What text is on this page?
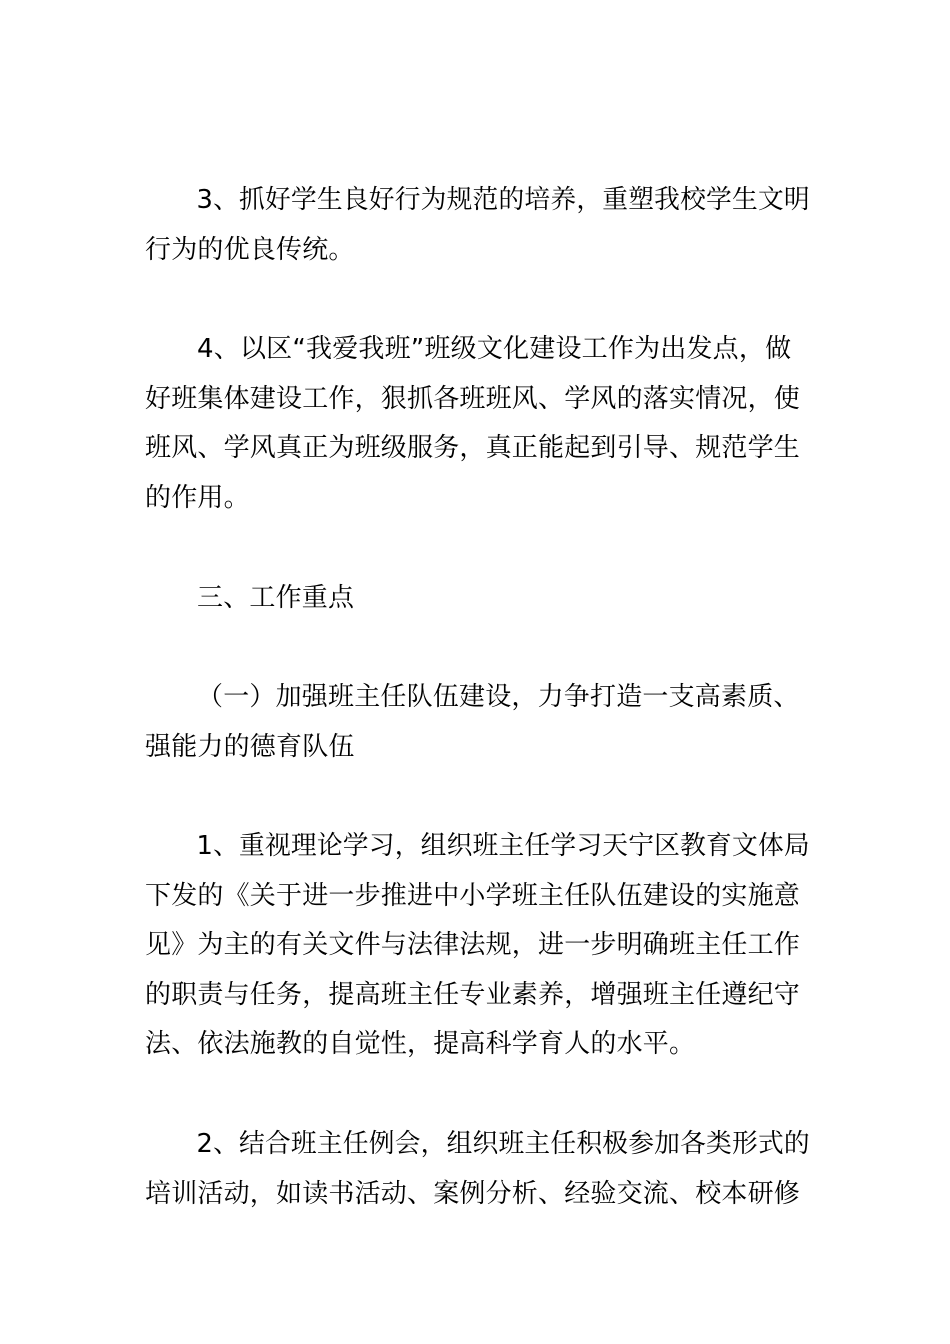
3、抓好学生良好行为规范的培养，重塑我校学生文明
行为的优良传统。

4、以区“我爱我班”班级文化建设工作为出发点，做
好班集体建设工作，狠抓各班班风、学风的落实情况，使
班风、学风真正为班级服务，真正能起到引导、规范学生
的作用。

三、工作重点

（一）加强班主任队伍建设，力争打造一支高素质、
强能力的德育队伍

1、重视理论学习，组织班主任学习天宁区教育文体局
下发的《关于进一步推进中小学班主任队伍建设的实施意
见》为主的有关文件与法律法规，进一步明确班主任工作
的职责与任务，提高班主任专业素养，增强班主任遵纪守
法、依法施教的自觉性，提高科学育人的水平。

2、结合班主任例会，组织班主任积极参加各类形式的
培训活动，如读书活动、案例分析、经验交流、校本研修
